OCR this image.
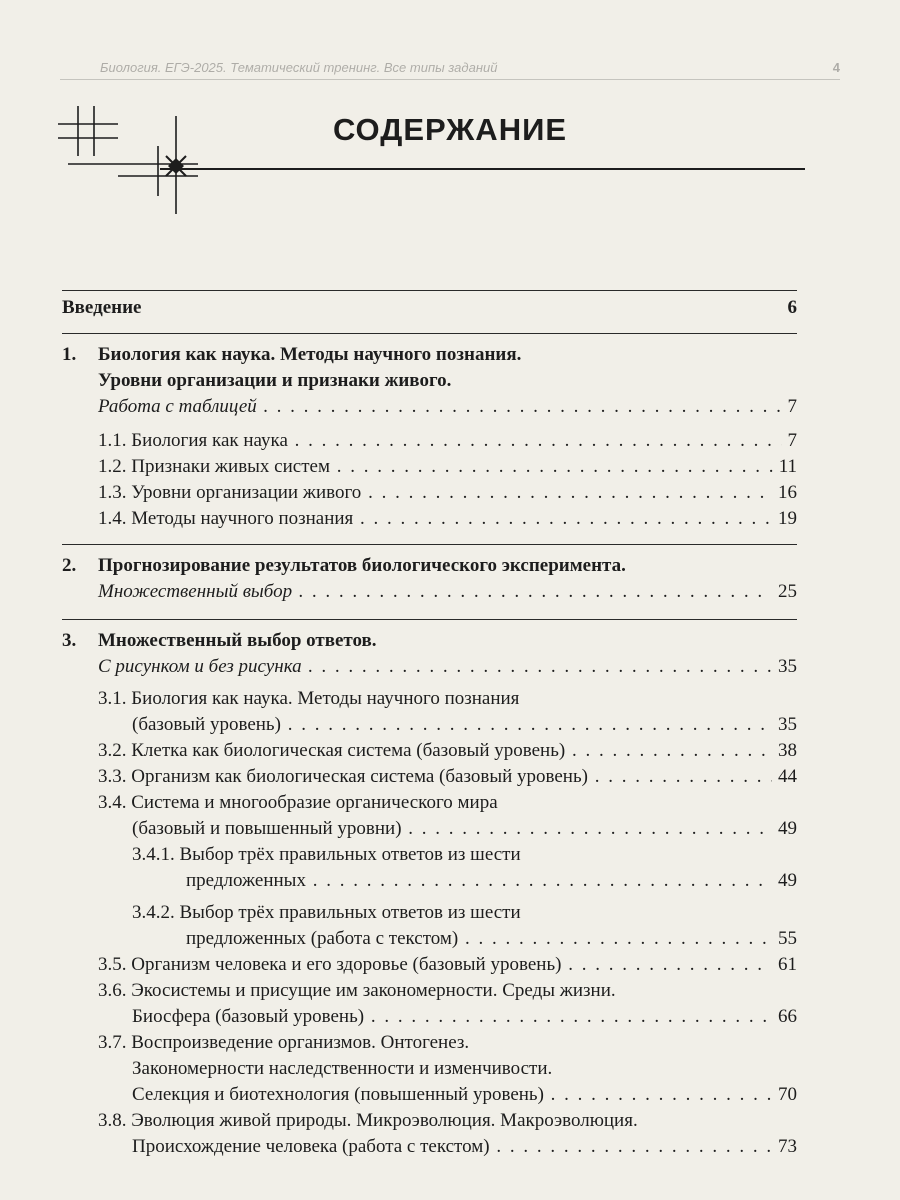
Биология. ЕГЭ-2025. Тематический тренинг. Все типы заданий	4
СОДЕРЖАНИЕ
Введение	6
1.	Биология как наука. Методы научного познания.
Уровни организации и признаки живого.
Работа с таблицей . . .	7
1.1. Биология как наука . . .	7
1.2. Признаки живых систем . . .	11
1.3. Уровни организации живого . . .	16
1.4. Методы научного познания . . .	19
2.	Прогнозирование результатов биологического эксперимента.
Множественный выбор . . .	25
3.	Множественный выбор ответов.
С рисунком и без рисунка . . .	35
3.1. Биология как наука. Методы научного познания
(базовый уровень) . . .	35
3.2. Клетка как биологическая система (базовый уровень) . . .	38
3.3. Организм как биологическая система (базовый уровень) . . .	44
3.4. Система и многообразие органического мира
(базовый и повышенный уровни) . . .	49
3.4.1. Выбор трёх правильных ответов из шести
предложенных . . .	49
3.4.2. Выбор трёх правильных ответов из шести
предложенных (работа с текстом) . . .	55
3.5. Организм человека и его здоровье (базовый уровень) . . .	61
3.6. Экосистемы и присущие им закономерности. Среды жизни.
Биосфера (базовый уровень) . . .	66
3.7. Воспроизведение организмов. Онтогенез.
Закономерности наследственности и изменчивости.
Селекция и биотехнология (повышенный уровень) . . .	70
3.8. Эволюция живой природы. Микроэволюция. Макроэволюция.
Происхождение человека (работа с текстом) . . .	73
